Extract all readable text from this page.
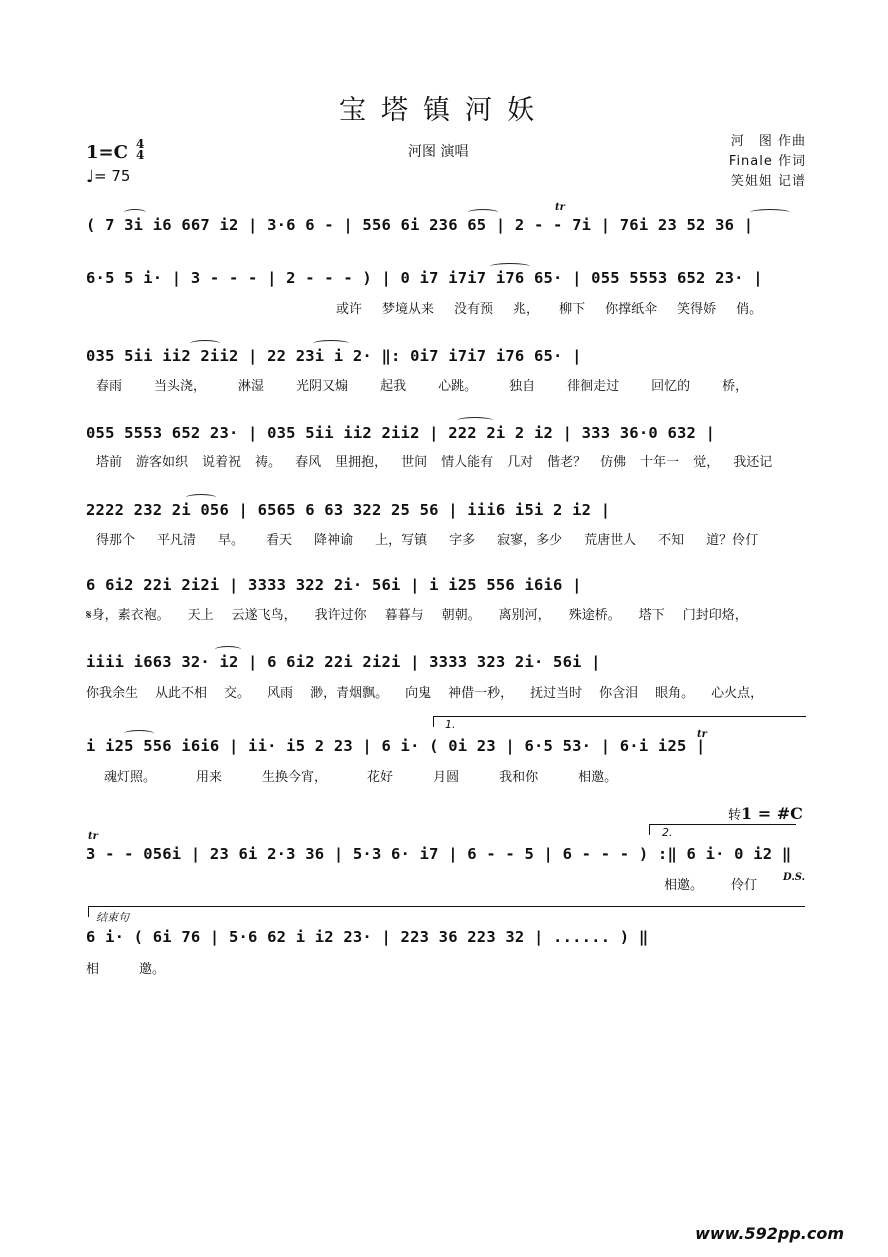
宝塔镇河妖
1=C 4
4
♩= 75
河图 演唱
河　图 作曲
Finale 作词
笑姐姐 记谱
tr
tr
tr
( 7 3i i6 667 i2 | 3·6 6 - | 556 6i 236 65 | 2 - - 7i | 76i 23 52 36 |
6·5 5 i· | 3 - - - | 2 - - - ) | 0 i7 i7i7 i76 65· | 055 5553 652 23· |
或许 梦境从来 没有预 兆， 柳下 你撑纸伞 笑得娇 俏。
035 5ii ii2 2ii2 | 22 23i i 2· ‖: 0i7 i7i7 i76 65· |
春雨 当头浇， 淋湿 光阴又煽 起我 心跳。 独自 徘徊走过 回忆的 桥，
055 5553 652 23· | 035 5ii ii2 2ii2 | 222 2i 2 i2 | 333 36·0 632 |
塔前 游客如织 说着祝 祷。 春风 里拥抱， 世间 情人能有 几对 偕老？ 仿佛 十年一 觉， 我还记
2222 232 2i 056 | 6565 6 63 322 25 56 | iii6 i5i 2 i2 |
得那个 平凡清 早。 看天 降神谕 上，写镇 字多 寂寥，多少 荒唐世人 不知 道？伶仃
6 6i2 22i 2i2i | 3333 322 2i· 56i | i i25 556 i6i6 |
𝄋身，素衣袍。 天上 云遂飞鸟， 我许过你 暮暮与 朝朝。 离别河， 殊途桥。 塔下 门封印烙，
iiii i663 32· i2 | 6 6i2 22i 2i2i | 3333 323 2i· 56i |
你我余生 从此不相 交。 风雨 渺，青烟飘。 向鬼 神借一秒， 抚过当时 你含泪 眼角。 心火点，
i i25 556 i6i6 | ii· i5 2 23 | 6 i· ( 0i 23 | 6·5 53· | 6·i i25 |
魂灯照。	用来	生换今宵，	花好	月圆	我和你	相邀。
3 - - 056i | 23 6i 2·3 36 | 5·3 6· i7 | 6 - - 5 | 6 - - - ) :‖ 6 i· 0 i2 ‖
相邀。 伶仃
6 i· ( 6i 76 | 5·6 62 i i2 23· | 223 36 223 32 | ...... ) ‖
相	邀。
1.
2.
转1 = #C
D.S.
结束句
www.592pp.com
